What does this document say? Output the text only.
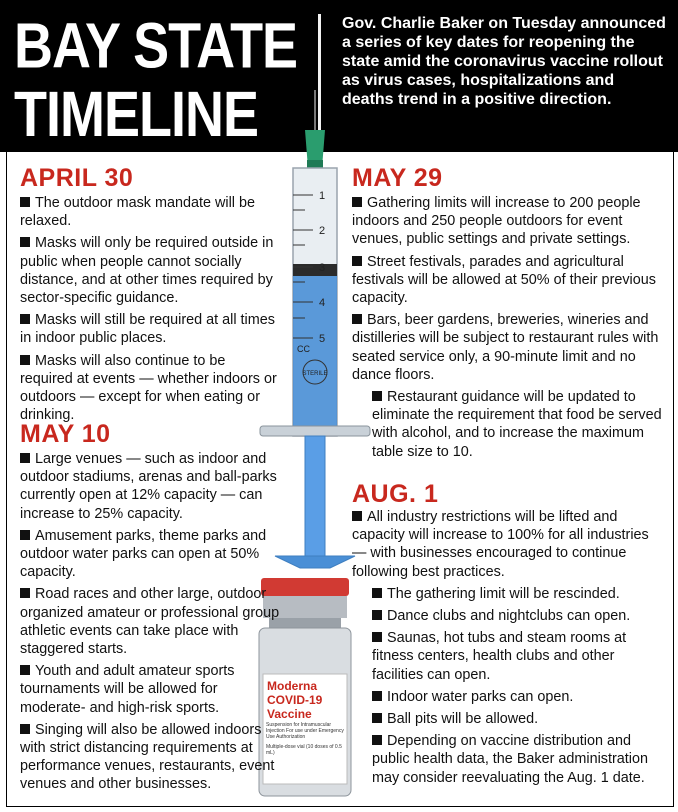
BAY STATE
TIMELINE
Gov. Charlie Baker on Tuesday announced a series of key dates for reopening the state amid the coronavirus vaccine rollout as virus cases, hospitalizations and deaths trend in a positive direction.
1
2
3
4
5
CC
STERILE
Moderna
COVID-19
Vaccine
Suspension for Intramuscular Injection For use under Emergency Use Authorization
Multiple-dose vial (10 doses of 0.5 mL)
APRIL 30
The outdoor mask mandate will be relaxed.
Masks will only be required outside in public when people cannot socially distance, and at other times required by sector-specific guidance.
Masks will still be required at all times in indoor public places.
Masks will also continue to be required at events — whether indoors or outdoors — except for when eating or drinking.
MAY 10
Large venues — such as indoor and outdoor stadiums, arenas and ball-parks currently open at 12% capacity — can increase to 25% capacity.
Amusement parks, theme parks and outdoor water parks can open at 50% capacity.
Road races and other large, outdoor organized amateur or professional group athletic events can take place with staggered starts.
Youth and adult amateur sports tournaments will be allowed for moderate- and high-risk sports.
Singing will also be allowed indoors with strict distancing requirements at performance venues, restaurants, event venues and other businesses.
MAY 29
Gathering limits will increase to 200 people indoors and 250 people outdoors for event venues, public settings and private settings.
Street festivals, parades and agricultural festivals will be allowed at 50% of their previous capacity.
Bars, beer gardens, breweries, wineries and distilleries will be subject to restaurant rules with seated service only, a 90-minute limit and no dance floors.
Restaurant guidance will be updated to eliminate the requirement that food be served with alcohol, and to increase the maximum table size to 10.
AUG. 1
All industry restrictions will be lifted and capacity will increase to 100% for all industries — with businesses encouraged to continue following best practices.
The gathering limit will be rescinded.
Dance clubs and nightclubs can open.
Saunas, hot tubs and steam rooms at fitness centers, health clubs and other facilities can open.
Indoor water parks can open.
Ball pits will be allowed.
Depending on vaccine distribution and public health data, the Baker administration may consider reevaluating the Aug. 1 date.
